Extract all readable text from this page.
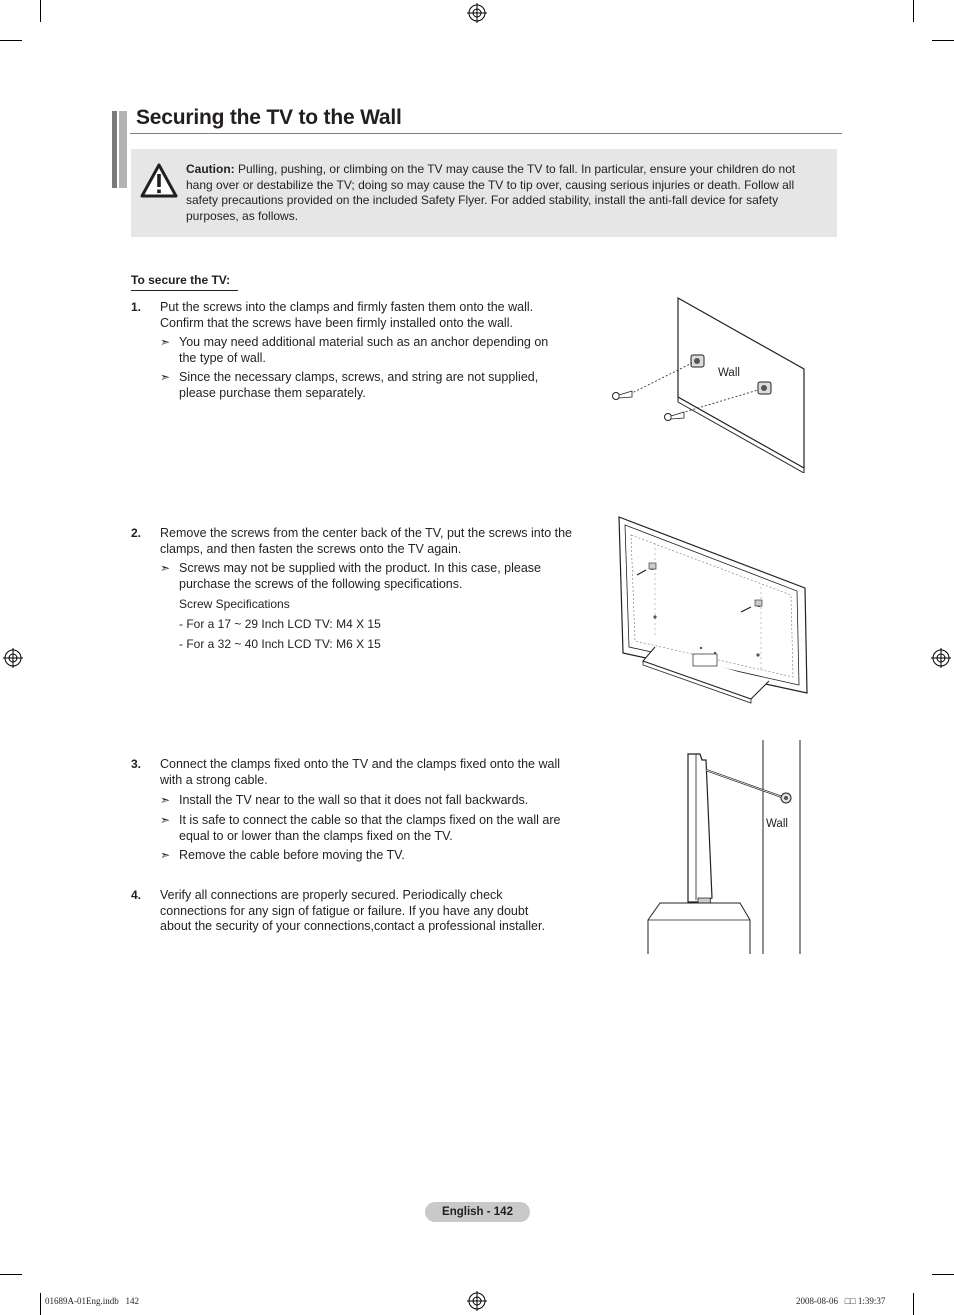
Securing the TV to the Wall
Caution: Pulling, pushing, or climbing on the TV may cause the TV to fall. In particular, ensure your children do not hang over or destabilize the TV; doing so may cause the TV to tip over, causing serious injuries or death. Follow all safety precautions provided on the included Safety Flyer. For added stability, install the anti-fall device for safety purposes, as follows.
To secure the TV:
1. Put the screws into the clamps and firmly fasten them onto the wall. Confirm that the screws have been firmly installed onto the wall.
➣ You may need additional material such as an anchor depending on the type of wall.
➣ Since the necessary clamps, screws, and string are not supplied, please purchase them separately.
Wall
2. Remove the screws from the center back of the TV, put the screws into the clamps, and then fasten the screws onto the TV again.
➣ Screws may not be supplied with the product. In this case, please purchase the screws of the following specifications.
Screw Specifications
- For a 17 ~ 29 Inch LCD TV: M4 X 15
- For a 32 ~ 40 Inch LCD TV: M6 X 15
3. Connect the clamps fixed onto the TV and the clamps fixed onto the wall with a strong cable.
➣ Install the TV near to the wall so that it does not fall backwards.
➣ It is safe to connect the cable so that the clamps fixed on the wall are equal to or lower than the clamps fixed on the TV.
➣ Remove the cable before moving the TV.
4. Verify all connections are properly secured. Periodically check connections for any sign of fatigue or failure. If you have any doubt about the security of your connections,contact a professional installer.
Wall
English - 142
01689A-01Eng.indb   142	2008-08-06   □□ 1:39:37
